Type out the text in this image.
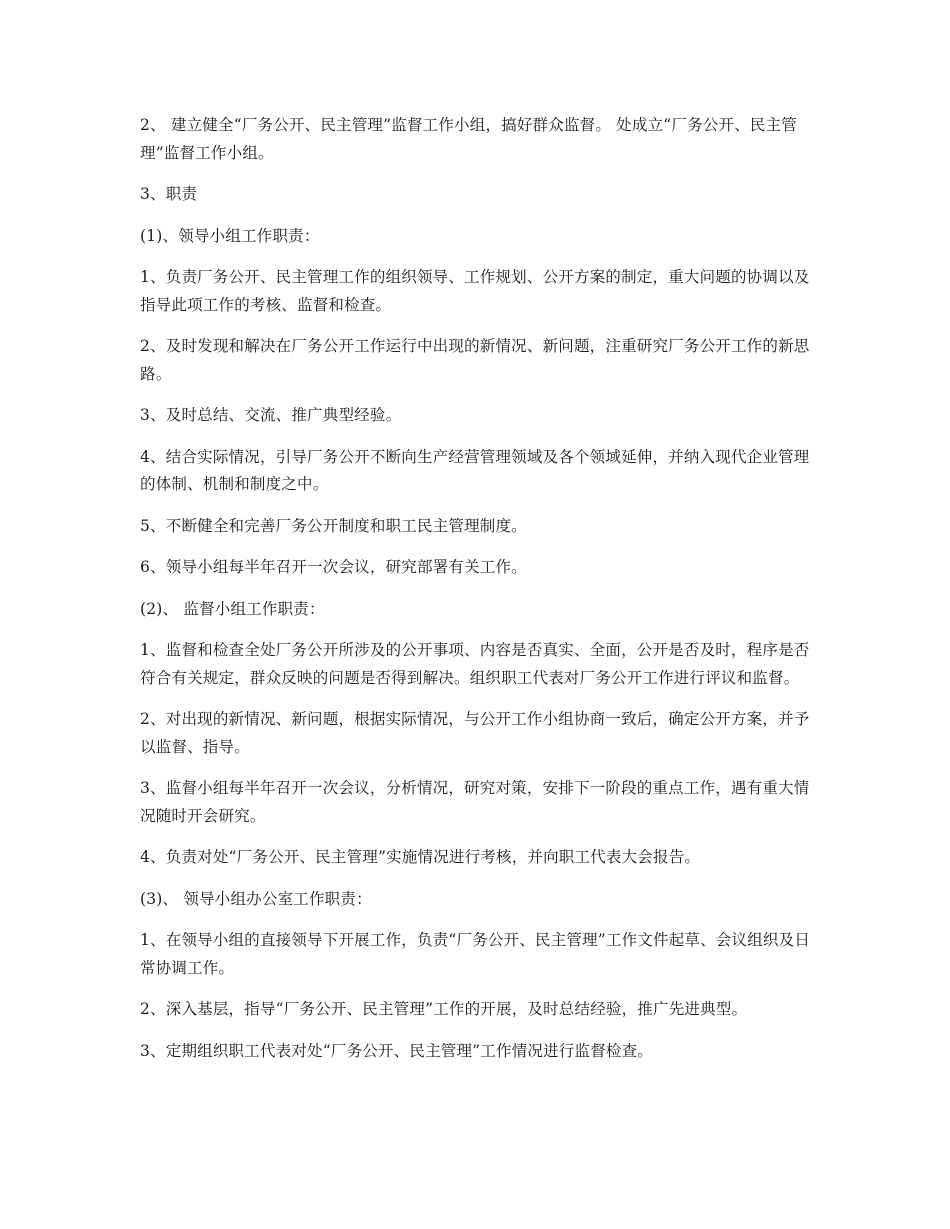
2、 建立健全“厂务公开、民主管理”监督工作小组，搞好群众监督。 处成立“厂务公开、民主管理”监督工作小组。

3、职责

(1)、领导小组工作职责：

1、负责厂务公开、民主管理工作的组织领导、工作规划、公开方案的制定，重大问题的协调以及指导此项工作的考核、监督和检查。

2、及时发现和解决在厂务公开工作运行中出现的新情况、新问题，注重研究厂务公开工作的新思路。

3、及时总结、交流、推广典型经验。

4、结合实际情况，引导厂务公开不断向生产经营管理领域及各个领域延伸，并纳入现代企业管理的体制、机制和制度之中。

5、不断健全和完善厂务公开制度和职工民主管理制度。

6、领导小组每半年召开一次会议，研究部署有关工作。

(2)、 监督小组工作职责：

1、监督和检查全处厂务公开所涉及的公开事项、内容是否真实、全面，公开是否及时，程序是否符合有关规定，群众反映的问题是否得到解决。组织职工代表对厂务公开工作进行评议和监督。

2、对出现的新情况、新问题，根据实际情况，与公开工作小组协商一致后，确定公开方案，并予以监督、指导。

3、监督小组每半年召开一次会议，分析情况，研究对策，安排下一阶段的重点工作，遇有重大情况随时开会研究。

4、负责对处“厂务公开、民主管理”实施情况进行考核，并向职工代表大会报告。

(3)、 领导小组办公室工作职责：

1、在领导小组的直接领导下开展工作，负责“厂务公开、民主管理”工作文件起草、会议组织及日常协调工作。

2、深入基层，指导“厂务公开、民主管理”工作的开展，及时总结经验，推广先进典型。

3、定期组织职工代表对处“厂务公开、民主管理”工作情况进行监督检查。
